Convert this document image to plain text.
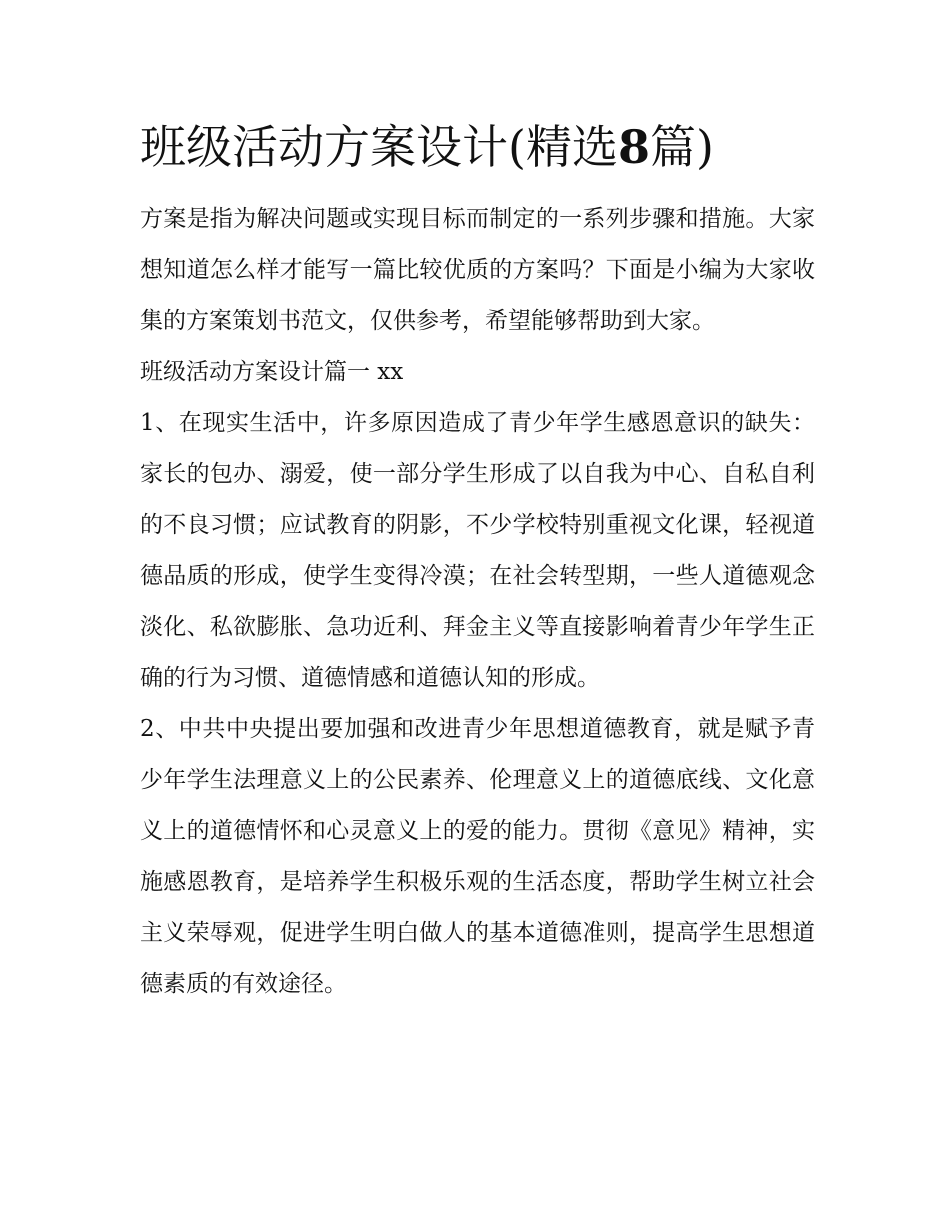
班级活动方案设计(精选8篇)

方案是指为解决问题或实现目标而制定的一系列步骤和措施。大家想知道怎么样才能写一篇比较优质的方案吗？下面是小编为大家收集的方案策划书范文，仅供参考，希望能够帮助到大家。

班级活动方案设计篇一 xx

1、在现实生活中，许多原因造成了青少年学生感恩意识的缺失：家长的包办、溺爱，使一部分学生形成了以自我为中心、自私自利的不良习惯；应试教育的阴影，不少学校特别重视文化课，轻视道德品质的形成，使学生变得冷漠；在社会转型期，一些人道德观念淡化、私欲膨胀、急功近利、拜金主义等直接影响着青少年学生正确的行为习惯、道德情感和道德认知的形成。

2、中共中央提出要加强和改进青少年思想道德教育，就是赋予青少年学生法理意义上的公民素养、伦理意义上的道德底线、文化意义上的道德情怀和心灵意义上的爱的能力。贯彻《意见》精神，实施感恩教育，是培养学生积极乐观的生活态度，帮助学生树立社会主义荣辱观，促进学生明白做人的基本道德准则，提高学生思想道德素质的有效途径。
